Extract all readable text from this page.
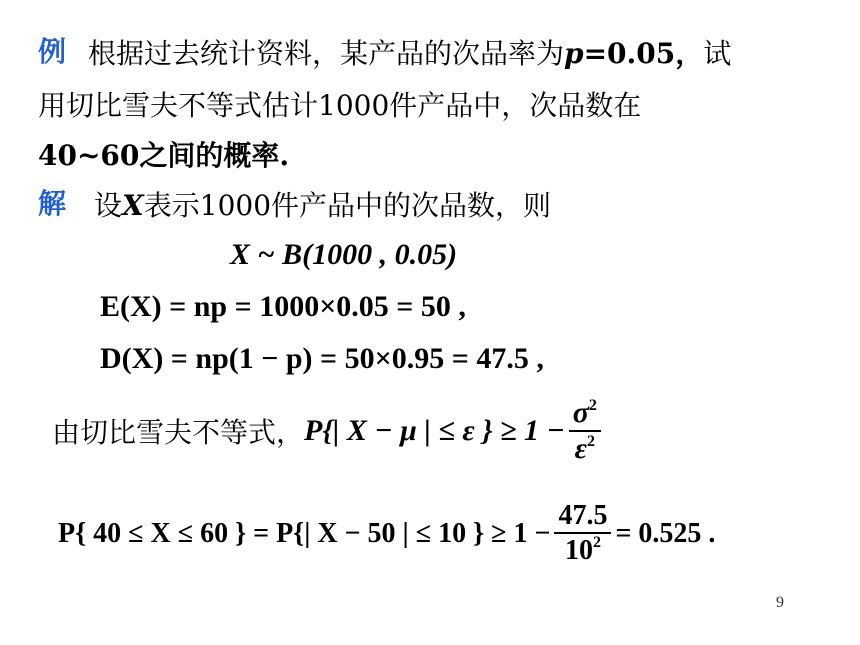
例 根据过去统计资料，某产品的次品率为p=0.05，试
用切比雪夫不等式估计1000件产品中，次品数在
40~60之间的概率.
解 设X表示1000件产品中的次品数，则
X ~ B(1000 , 0.05)
E(X) = np = 1000×0.05 = 50 ,
D(X) = np(1 − p) = 50×0.95 = 47.5 ,
由切比雪夫不等式， P{| X − μ | ≤ ε } ≥ $1 - \frac{\sigma^2}{\varepsilon^2}$
P{ 40 ≤ X ≤ 60 } = P{| X − 50 | ≤ 10 } ≥ $1 - \frac{47.5}{10^2} = 0.525$ .
9
